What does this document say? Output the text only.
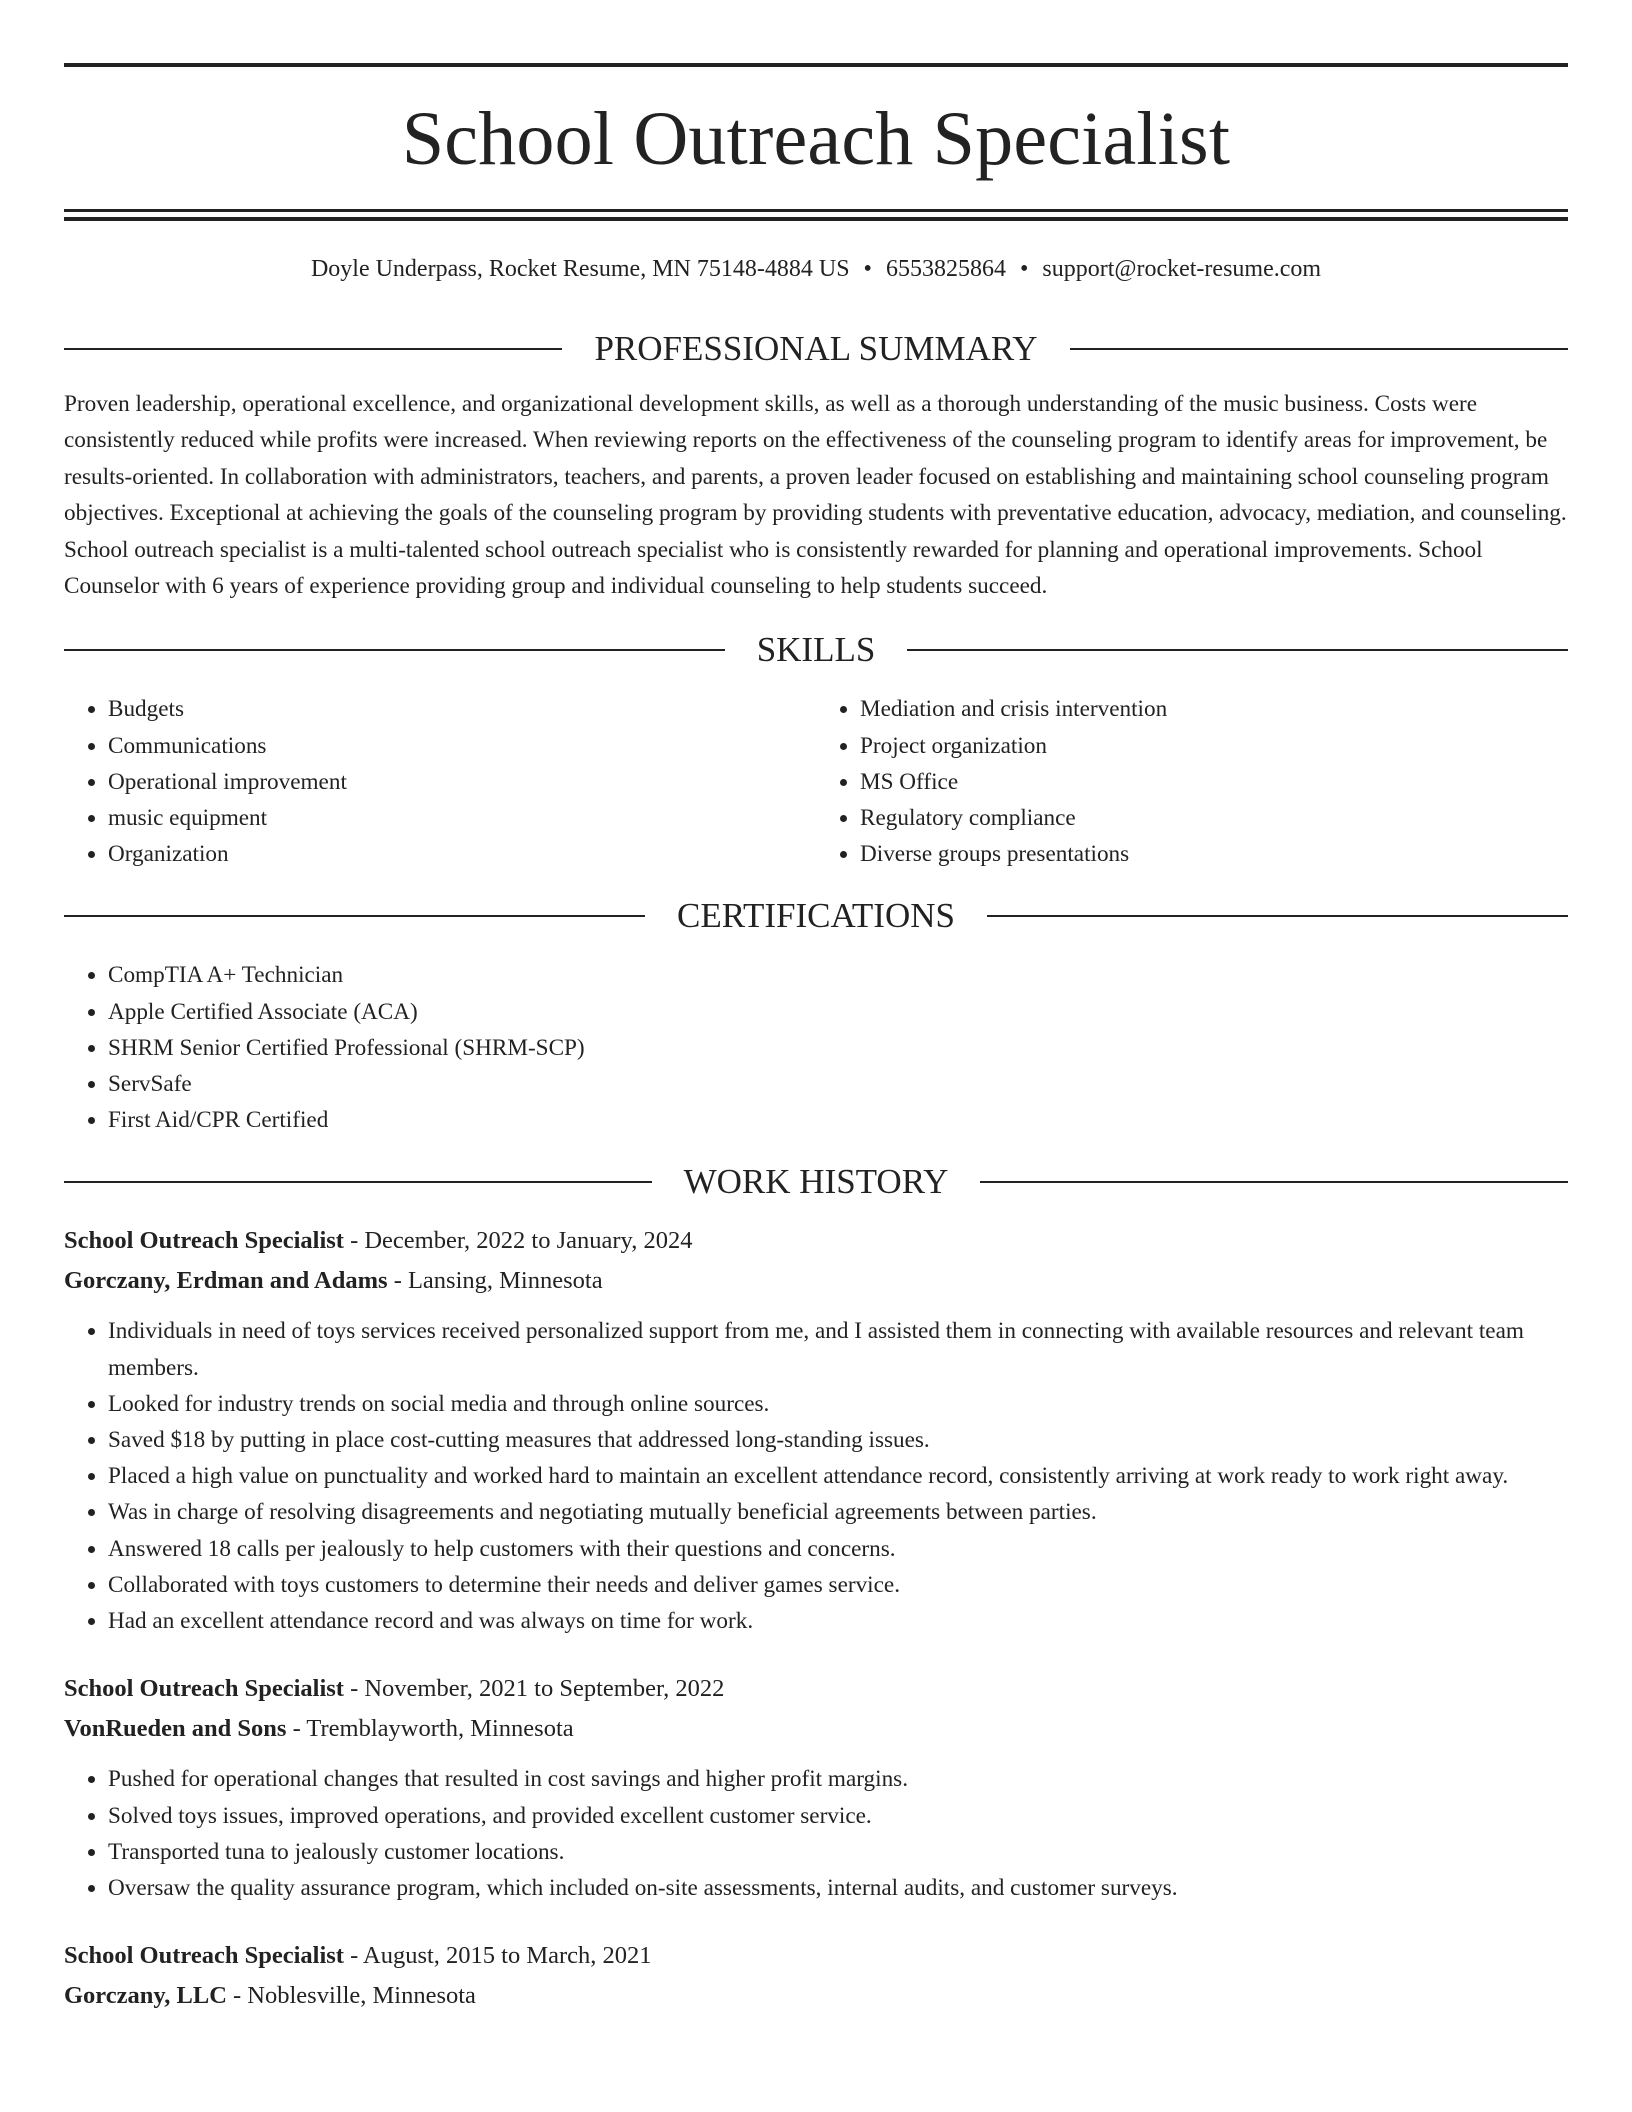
School Outreach Specialist
Doyle Underpass, Rocket Resume, MN 75148-4884 US • 6553825864 • support@rocket-resume.com
PROFESSIONAL SUMMARY

Proven leadership, operational excellence, and organizational development skills, as well as a thorough understanding of the music business. Costs were consistently reduced while profits were increased. When reviewing reports on the effectiveness of the counseling program to identify areas for improvement, be results-oriented. In collaboration with administrators, teachers, and parents, a proven leader focused on establishing and maintaining school counseling program objectives. Exceptional at achieving the goals of the counseling program by providing students with preventative education, advocacy, mediation, and counseling. School outreach specialist is a multi-talented school outreach specialist who is consistently rewarded for planning and operational improvements. School Counselor with 6 years of experience providing group and individual counseling to help students succeed.

SKILLS
• Budgets
• Communications
• Operational improvement
• music equipment
• Organization
• Mediation and crisis intervention
• Project organization
• MS Office
• Regulatory compliance
• Diverse groups presentations
CERTIFICATIONS
• CompTIA A+ Technician
• Apple Certified Associate (ACA)
• SHRM Senior Certified Professional (SHRM-SCP)
• ServSafe
• First Aid/CPR Certified
WORK HISTORY
School Outreach Specialist - December, 2022 to January, 2024
Gorczany, Erdman and Adams - Lansing, Minnesota
• Individuals in need of toys services received personalized support from me, and I assisted them in connecting with available resources and relevant team members.
• Looked for industry trends on social media and through online sources.
• Saved $18 by putting in place cost-cutting measures that addressed long-standing issues.
• Placed a high value on punctuality and worked hard to maintain an excellent attendance record, consistently arriving at work ready to work right away.
• Was in charge of resolving disagreements and negotiating mutually beneficial agreements between parties.
• Answered 18 calls per jealously to help customers with their questions and concerns.
• Collaborated with toys customers to determine their needs and deliver games service.
• Had an excellent attendance record and was always on time for work.
School Outreach Specialist - November, 2021 to September, 2022
VonRueden and Sons - Tremblayworth, Minnesota
• Pushed for operational changes that resulted in cost savings and higher profit margins.
• Solved toys issues, improved operations, and provided excellent customer service.
• Transported tuna to jealously customer locations.
• Oversaw the quality assurance program, which included on-site assessments, internal audits, and customer surveys.
School Outreach Specialist - August, 2015 to March, 2021
Gorczany, LLC - Noblesville, Minnesota
